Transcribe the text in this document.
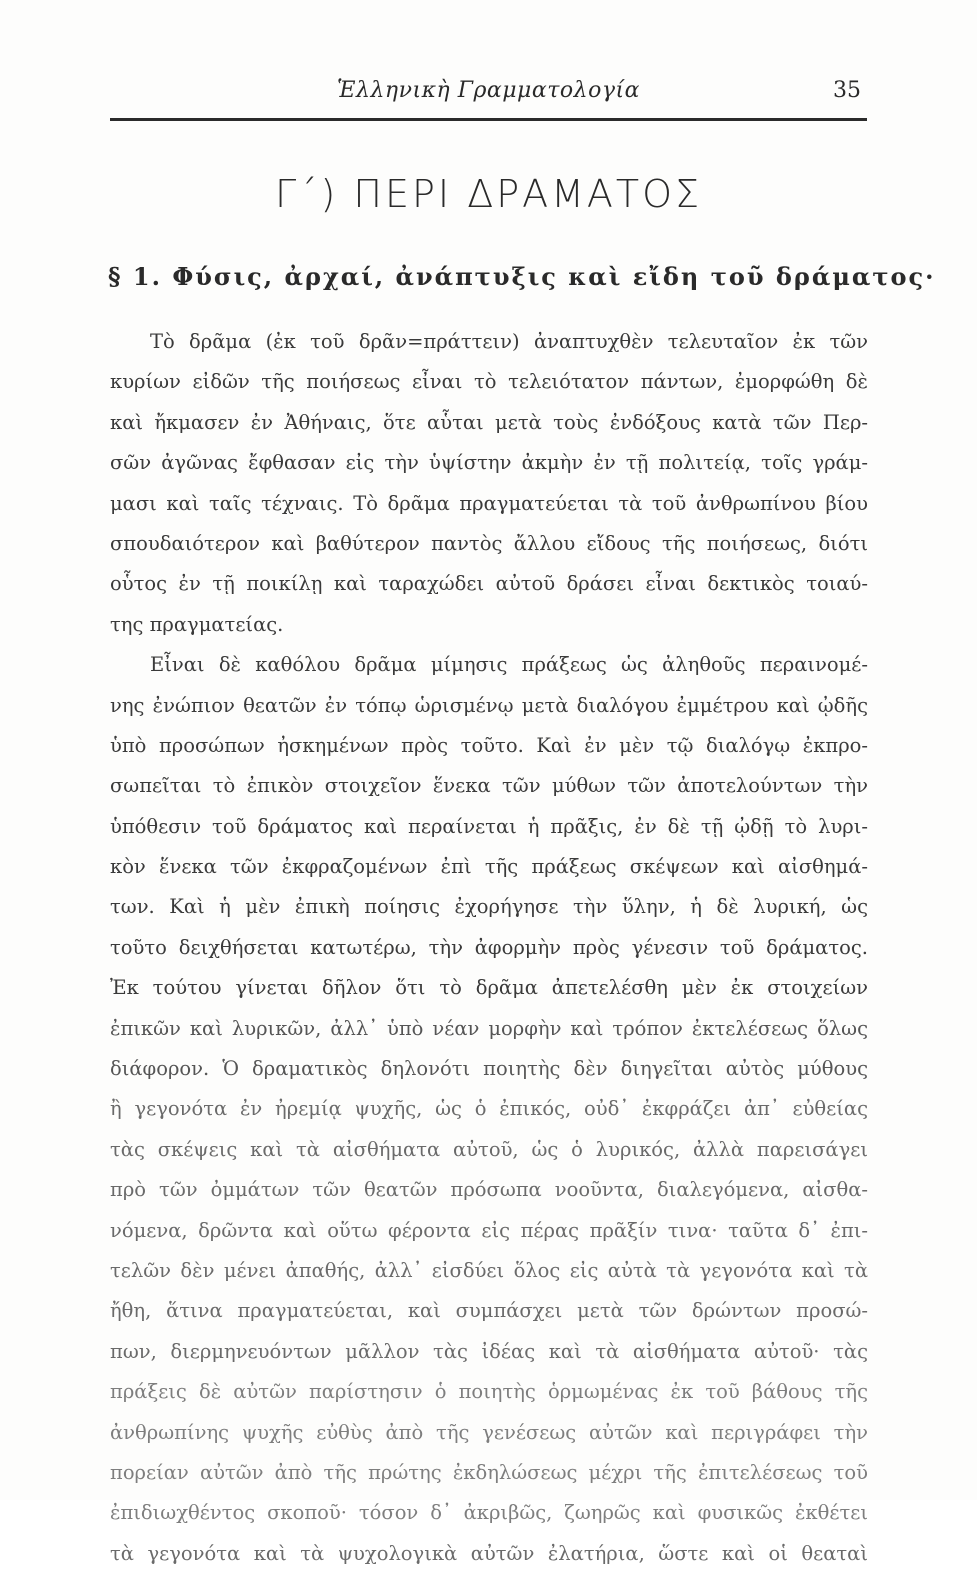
Ἑλληνικὴ Γραμματολογία	35
Γ΄) ΠΕΡΙ ΔΡΑΜΑΤΟΣ
§ 1. Φύσις, ἀρχαί, ἀνάπτυξις καὶ εἴδη τοῦ δράματος·
Τὸ δρᾶμα (ἐκ τοῦ δρᾶν=πράττειν) ἀναπτυχθὲν τελευταῖον ἐκ τῶν
κυρίων εἰδῶν τῆς ποιήσεως εἶναι τὸ τελειότατον πάντων, ἐμορφώθη δὲ
καὶ ἤκμασεν ἐν Ἀθήναις, ὅτε αὗται μετὰ τοὺς ἐνδόξους κατὰ τῶν Περ-
σῶν ἀγῶνας ἔφθασαν εἰς τὴν ὑψίστην ἀκμὴν ἐν τῇ πολιτείᾳ, τοῖς γράμ-
μασι καὶ ταῖς τέχναις. Τὸ δρᾶμα πραγματεύεται τὰ τοῦ ἀνθρωπίνου βίου
σπουδαιότερον καὶ βαθύτερον παντὸς ἄλλου εἴδους τῆς ποιήσεως, διότι
οὗτος ἐν τῇ ποικίλῃ καὶ ταραχώδει αὐτοῦ δράσει εἶναι δεκτικὸς τοιαύ-
της πραγματείας.
Εἶναι δὲ καθόλου δρᾶμα μίμησις πράξεως ὡς ἀληθοῦς περαινομέ-
νης ἐνώπιον θεατῶν ἐν τόπῳ ὡρισμένῳ μετὰ διαλόγου ἐμμέτρου καὶ ᾠδῆς
ὑπὸ προσώπων ἠσκημένων πρὸς τοῦτο. Καὶ ἐν μὲν τῷ διαλόγῳ ἐκπρο-
σωπεῖται τὸ ἐπικὸν στοιχεῖον ἕνεκα τῶν μύθων τῶν ἀποτελούντων τὴν
ὑπόθεσιν τοῦ δράματος καὶ περαίνεται ἡ πρᾶξις, ἐν δὲ τῇ ᾠδῇ τὸ λυρι-
κὸν ἕνεκα τῶν ἐκφραζομένων ἐπὶ τῆς πράξεως σκέψεων καὶ αἰσθημά-
των. Καὶ ἡ μὲν ἐπικὴ ποίησις ἐχορήγησε τὴν ὕλην, ἡ δὲ λυρική, ὡς
τοῦτο δειχθήσεται κατωτέρω, τὴν ἀφορμὴν πρὸς γένεσιν τοῦ δράματος.
Ἐκ τούτου γίνεται δῆλον ὅτι τὸ δρᾶμα ἀπετελέσθη μὲν ἐκ στοιχείων
ἐπικῶν καὶ λυρικῶν, ἀλλ᾽ ὑπὸ νέαν μορφὴν καὶ τρόπον ἐκτελέσεως ὅλως
διάφορον. Ὁ δραματικὸς δηλονότι ποιητὴς δὲν διηγεῖται αὐτὸς μύθους
ἢ γεγονότα ἐν ἠρεμίᾳ ψυχῆς, ὡς ὁ ἐπικός, οὐδ᾽ ἐκφράζει ἀπ᾽ εὐθείας
τὰς σκέψεις καὶ τὰ αἰσθήματα αὐτοῦ, ὡς ὁ λυρικός, ἀλλὰ παρεισάγει
πρὸ τῶν ὀμμάτων τῶν θεατῶν πρόσωπα νοοῦντα, διαλεγόμενα, αἰσθα-
νόμενα, δρῶντα καὶ οὕτω φέροντα εἰς πέρας πρᾶξίν τινα· ταῦτα δ᾽ ἐπι-
τελῶν δὲν μένει ἀπαθής, ἀλλ᾽ εἰσδύει ὅλος εἰς αὐτὰ τὰ γεγονότα καὶ τὰ
ἤθη, ἅτινα πραγματεύεται, καὶ συμπάσχει μετὰ τῶν δρώντων προσώ-
πων, διερμηνευόντων μᾶλλον τὰς ἰδέας καὶ τὰ αἰσθήματα αὐτοῦ· τὰς
πράξεις δὲ αὐτῶν παρίστησιν ὁ ποιητὴς ὁρμωμένας ἐκ τοῦ βάθους τῆς
ἀνθρωπίνης ψυχῆς εὐθὺς ἀπὸ τῆς γενέσεως αὐτῶν καὶ περιγράφει τὴν
πορείαν αὐτῶν ἀπὸ τῆς πρώτης ἐκδηλώσεως μέχρι τῆς ἐπιτελέσεως τοῦ
ἐπιδιωχθέντος σκοποῦ· τόσον δ᾽ ἀκριβῶς, ζωηρῶς καὶ φυσικῶς ἐκθέτει
τὰ γεγονότα καὶ τὰ ψυχολογικὰ αὐτῶν ἐλατήρια, ὥστε καὶ οἱ θεαταὶ
